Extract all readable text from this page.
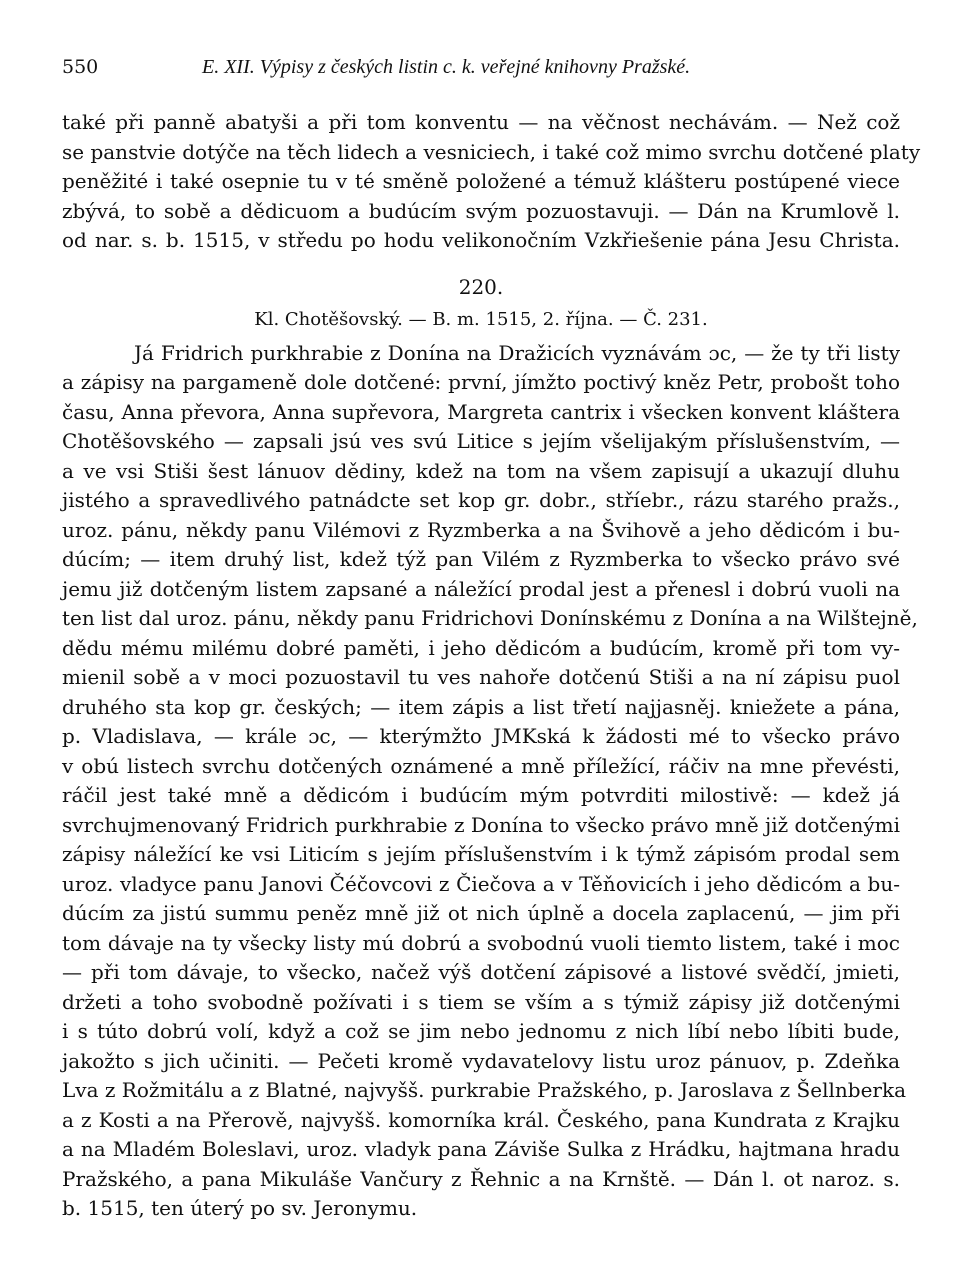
550	E. XII. Výpisy z českých listin c. k. veřejné knihovny Pražské.
také při panně abatyši a při tom konventu — na věčnost nechávám. — Než což
se panstvie dotýče na těch lidech a vesniciech, i také což mimo svrchu dotčené platy
peněžité i také osepnie tu v té směně položené a témuž klášteru postúpené viece
zbývá, to sobě a dědicuom a budúcím svým pozuostavuji. — Dán na Krumlově l.
od nar. s. b. 1515, v středu po hodu velikonočním Vzkřiešenie pána Jesu Christa.
220.
Kl. Chotěšovský. — B. m. 1515, 2. října. — Č. 231.
Já Fridrich purkhrabie z Donína na Dražicích vyznávám ɔc, — že ty tři listy
a zápisy na pargameně dole dotčené: první, jímžto poctivý kněz Petr, probošt toho
času, Anna převora, Anna supřevora, Margreta cantrix i všecken konvent kláštera
Chotěšovského — zapsali jsú ves svú Litice s jejím všelijakým příslušenstvím, —
a ve vsi Stiši šest lánuov dědiny, kdež na tom na všem zapisují a ukazují dluhu
jistého a spravedlivého patnádcte set kop gr. dobr., stříebr., rázu starého pražs.,
uroz. pánu, někdy panu Vilémovi z Ryzmberka a na Švihově a jeho dědicóm i bu-
dúcím; — item druhý list, kdež týž pan Vilém z Ryzmberka to všecko právo své
jemu již dotčeným listem zapsané a náležící prodal jest a přenesl i dobrú vuoli na
ten list dal uroz. pánu, někdy panu Fridrichovi Donínskému z Donína a na Wilštejně,
dědu mému milému dobré paměti, i jeho dědicóm a budúcím, kromě při tom vy-
mienil sobě a v moci pozuostavil tu ves nahoře dotčenú Stiši a na ní zápisu puol
druhého sta kop gr. českých; — item zápis a list třetí najjasněj. kniežete a pána,
p. Vladislava, — krále ɔc, — kterýmžto JMKská k žádosti mé to všecko právo
v obú listech svrchu dotčených oznámené a mně příležící, ráčiv na mne převésti,
ráčil jest také mně a dědicóm i budúcím mým potvrditi milostivě: — kdež já
svrchujmenovaný Fridrich purkhrabie z Donína to všecko právo mně již dotčenými
zápisy náležící ke vsi Liticím s jejím příslušenstvím i k týmž zápisóm prodal sem
uroz. vladyce panu Janovi Čéčovcovi z Čiečova a v Těňovicích i jeho dědicóm a bu-
dúcím za jistú summu peněz mně již ot nich úplně a docela zaplacenú, — jim při
tom dávaje na ty všecky listy mú dobrú a svobodnú vuoli tiemto listem, také i moc
— při tom dávaje, to všecko, načež výš dotčení zápisové a listové svědčí, jmieti,
držeti a toho svobodně požívati i s tiem se vším a s týmiž zápisy již dotčenými
i s túto dobrú volí, když a což se jim nebo jednomu z nich líbí nebo líbiti bude,
jakožto s jich učiniti. — Pečeti kromě vydavatelovy listu uroz pánuov, p. Zdeňka
Lva z Rožmitálu a z Blatné, najvyšš. purkrabie Pražského, p. Jaroslava z Šellnberka
a z Kosti a na Přerově, najvyšš. komorníka král. Českého, pana Kundrata z Krajku
a na Mladém Boleslavi, uroz. vladyk pana Záviše Sulka z Hrádku, hajtmana hradu
Pražského, a pana Mikuláše Vančury z Řehnic a na Krnště. — Dán l. ot naroz. s.
b. 1515, ten úterý po sv. Jeronymu.
